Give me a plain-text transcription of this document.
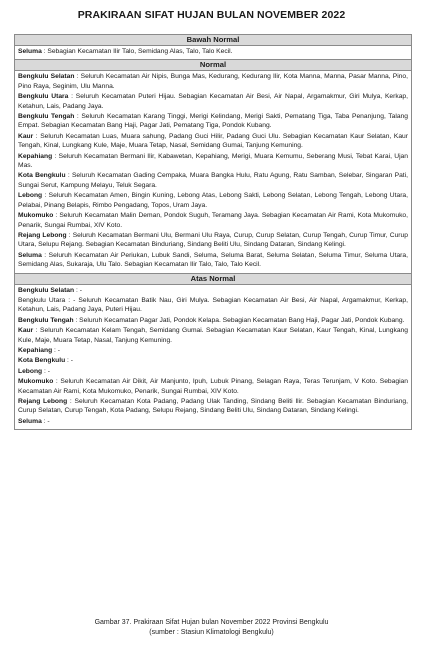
PRAKIRAAN SIFAT HUJAN BULAN NOVEMBER 2022
Bawah Normal
Seluma : Sebagian Kecamatan Ilir Talo, Semidang Alas, Talo, Talo Kecil.
Normal
Bengkulu Selatan : Seluruh Kecamatan Air Nipis, Bunga Mas, Kedurang, Kedurang Ilir, Kota Manna, Manna, Pasar Manna, Pino, Pino Raya, Seginim, Ulu Manna.
Bengkulu Utara : Seluruh Kecamatan Puteri Hijau. Sebagian Kecamatan Air Besi, Air Napal, Argamakmur, Giri Mulya, Kerkap, Ketahun, Lais, Padang Jaya.
Bengkulu Tengah : Seluruh Kecamatan Karang Tinggi, Merigi Kelindang, Merigi Sakti, Pematang Tiga, Taba Penanjung, Talang Empat. Sebagian Kecamatan Bang Haji, Pagar Jati, Pematang Tiga, Pondok Kubang.
Kaur : Seluruh Kecamatan Luas, Muara sahung, Padang Guci Hilir, Padang Guci Ulu. Sebagian Kecamatan Kaur Selatan, Kaur Tengah, Kinal, Lungkang Kule, Maje, Muara Tetap, Nasal, Semidang Gumai, Tanjung Kemuning.
Kepahiang : Seluruh Kecamatan Bermani Ilir, Kabawetan, Kepahiang, Merigi, Muara Kemumu, Seberang Musi, Tebat Karai, Ujan Mas.
Kota Bengkulu : Seluruh Kecamatan Gading Cempaka, Muara Bangka Hulu, Ratu Agung, Ratu Samban, Selebar, Singaran Pati, Sungai Serut, Kampung Melayu, Teluk Segara.
Lebong : Seluruh Kecamatan Amen, Bingin Kuning, Lebong Atas, Lebong Sakti, Lebong Selatan, Lebong Tengah, Lebong Utara, Pelabai, Pinang Belapis, Rimbo Pengadang, Topos, Uram Jaya.
Mukomuko : Seluruh Kecamatan Malin Deman, Pondok Suguh, Teramang Jaya. Sebagian Kecamatan Air Rami, Kota Mukomuko, Penarik, Sungai Rumbai, XIV Koto.
Rejang Lebong : Seluruh Kecamatan Bermani Ulu, Bermani Ulu Raya, Curup, Curup Selatan, Curup Tengah, Curup Timur, Curup Utara, Selupu Rejang. Sebagian Kecamatan Binduriang, Sindang Beliti Ulu, Sindang Dataran, Sindang Kelingi.
Seluma : Seluruh Kecamatan Air Periukan, Lubuk Sandi, Seluma, Seluma Barat, Seluma Selatan, Seluma Timur, Seluma Utara, Semidang Alas, Sukaraja, Ulu Talo. Sebagian Kecamatan Ilir Talo, Talo, Talo Kecil.
Atas Normal
Bengkulu Selatan : -
Bengkulu Utara : - Seluruh Kecamatan Batik Nau, Giri Mulya. Sebagian Kecamatan Air Besi, Air Napal, Argamakmur, Kerkap, Ketahun, Lais, Padang Jaya, Puteri Hijau.
Bengkulu Tengah : Seluruh Kecamatan Pagar Jati, Pondok Kelapa. Sebagian Kecamatan Bang Haji, Pagar Jati, Pondok Kubang.
Kaur : Seluruh Kecamatan Kelam Tengah, Semidang Gumai. Sebagian Kecamatan Kaur Selatan, Kaur Tengah, Kinal, Lungkang Kule, Maje, Muara Tetap, Nasal, Tanjung Kemuning.
Kepahiang : -
Kota Bengkulu : -
Lebong : -
Mukomuko : Seluruh Kecamatan Air Dikit, Air Manjunto, Ipuh, Lubuk Pinang, Selagan Raya, Teras Terunjam, V Koto. Sebagian Kecamatan Air Rami, Kota Mukomuko, Penarik, Sungai Rumbai, XIV Koto.
Rejang Lebong : Seluruh Kecamatan Kota Padang, Padang Ulak Tanding, Sindang Beliti Ilir. Sebagian Kecamatan Binduriang, Curup Selatan, Curup Tengah, Kota Padang, Selupu Rejang, Sindang Beliti Ulu, Sindang Dataran, Sindang Kelingi.
Seluma : -
Gambar 37. Prakiraan Sifat Hujan bulan November 2022 Provinsi Bengkulu
(sumber : Stasiun Klimatologi Bengkulu)
